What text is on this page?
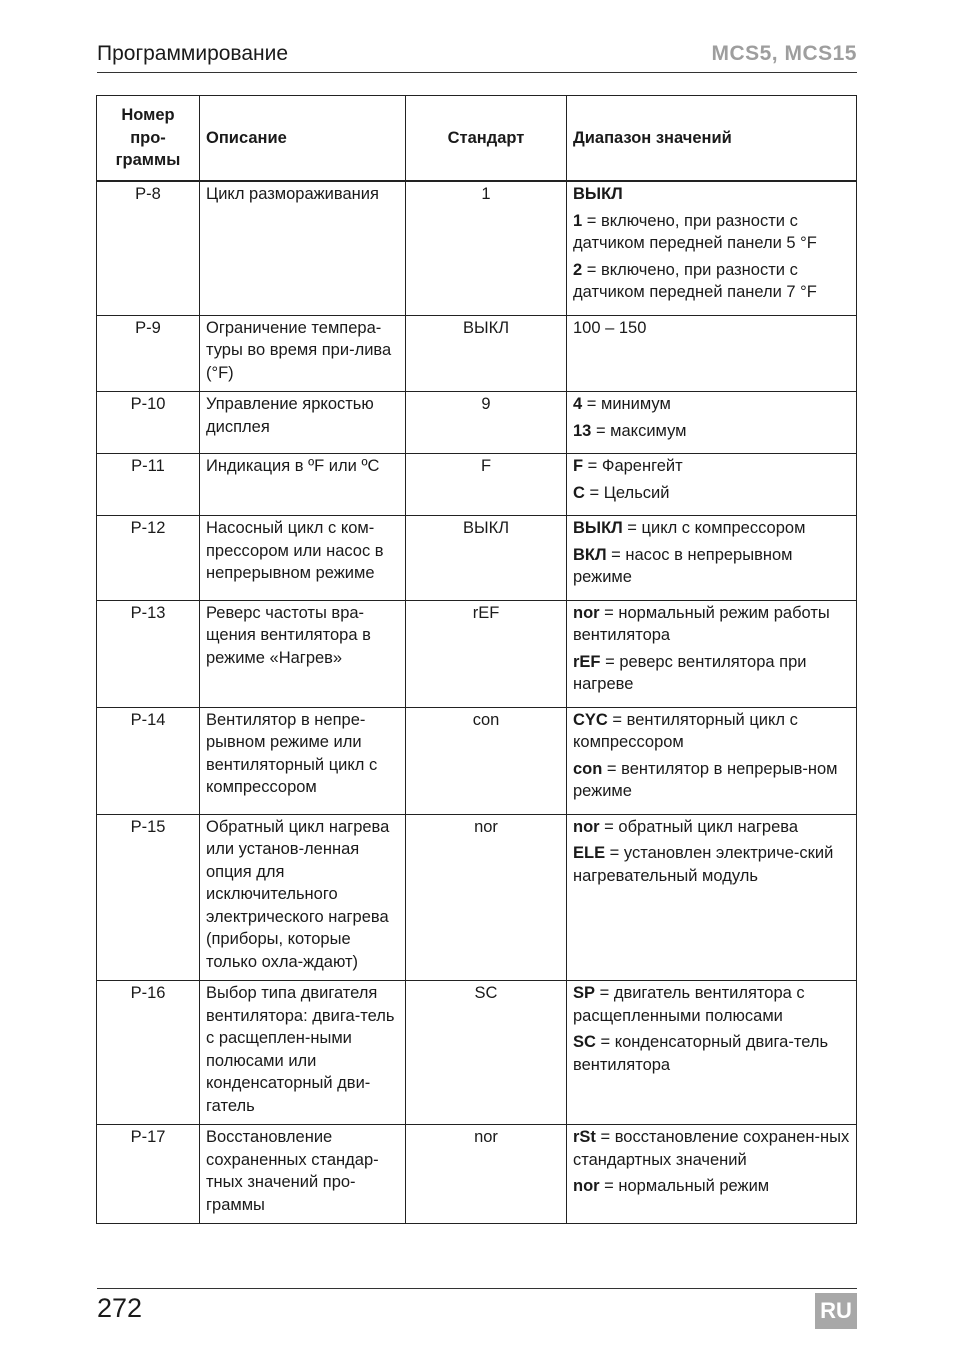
Программирование	MCS5, MCS15
Номер
про-
граммы	Описание	Стандарт	Диапазон значений
P-8	Цикл размораживания	1	ВЫКЛ
1 = включено, при разности с датчиком передней панели 5 °F
2 = включено, при разности с датчиком передней панели 7 °F

P-9	Ограничение темпера-туры во время при-лива (°F)	ВЫКЛ	100 – 150

P-10	Управление яркостью дисплея	9	4 = минимум
13 = максимум

P-11	Индикация в ºF или ºC	F	F = Фаренгейт
C = Цельсий

P-12	Насосный цикл с ком-прессором или насос в непрерывном режиме	ВЫКЛ	ВЫКЛ = цикл с компрессором
ВКЛ = насос в непрерывном режиме

P-13	Реверс частоты вра-щения вентилятора в режиме «Нагрев»	rEF	nor = нормальный режим работы вентилятора
rEF = реверс вентилятора при нагреве

P-14	Вентилятор в непре-рывном режиме или вентиляторный цикл с компрессором	con	CYC = вентиляторный цикл с компрессором
con = вентилятор в непрерыв-ном режиме

P-15	Обратный цикл нагрева или установ-ленная опция для исключительного электрического нагрева (приборы, которые только охла-ждают)	nor	nor = обратный цикл нагрева
ELE = установлен электриче-ский нагревательный модуль

P-16	Выбор типа двигателя вентилятора: двига-тель с расщеплен-ными полюсами или конденсаторный дви-гатель	SC	SP = двигатель вентилятора с расщепленными полюсами
SC = конденсаторный двига-тель вентилятора

P-17	Восстановление сохраненных стандар-тных значений про-граммы	nor	rSt = восстановление сохранен-ных стандартных значений
nor = нормальный режим
272	RU
